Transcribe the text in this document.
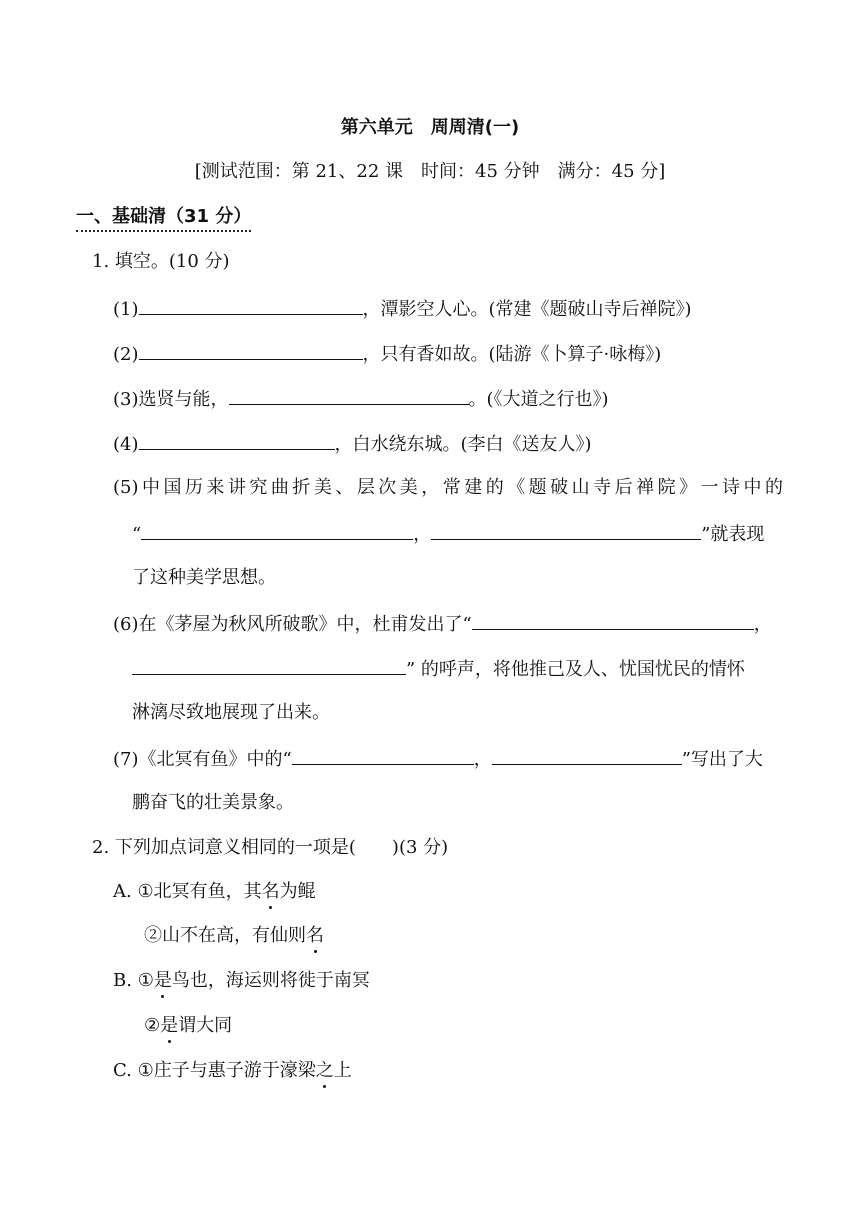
第六单元　周周清(一)
[测试范围：第 21、22 课　时间：45 分钟　满分：45 分]
一、基础清（31 分）
1. 填空。(10 分)
(1)	，潭影空人心。(常建《题破山寺后禅院》)
(2)	，只有香如故。(陆游《卜算子·咏梅》)
(3)选贤与能，	。(《大道之行也》)
(4)	，白水绕东城。(李白《送友人》)
(5)中国历来讲究曲折美、层次美，常建的《题破山寺后禅院》一诗中的
“	，	”就表现
了这种美学思想。
(6)在《茅屋为秋风所破歌》中，杜甫发出了“	，
” 的呼声，将他推己及人、忧国忧民的情怀
淋漓尽致地展现了出来。
(7)《北冥有鱼》中的“	，	”写出了大
鹏奋飞的壮美景象。
2. 下列加点词意义相同的一项是( )(3 分)
A. ①北冥有鱼，其名为鲲
②山不在高，有仙则名
B. ①是鸟也，海运则将徙于南冥
②是谓大同
C. ①庄子与惠子游于濠梁之上
